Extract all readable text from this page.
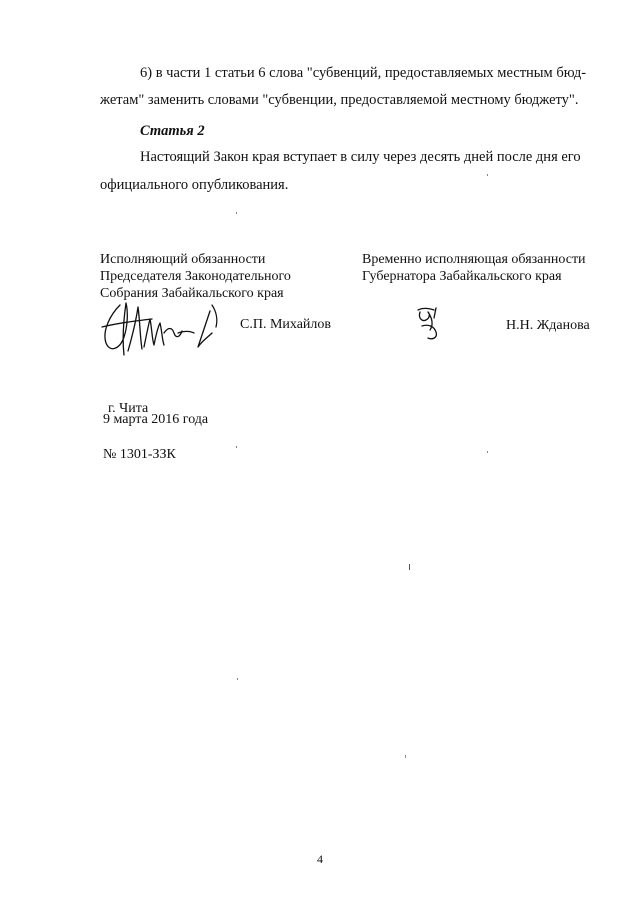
6) в части 1 статьи 6 слова "субвенций, предоставляемых местным бюд-
жетам" заменить словами "субвенции, предоставляемой местному бюджету".
Статья 2
Настоящий Закон края вступает в силу через десять дней после дня его
официального опубликования.
Исполняющий обязанности
Председателя Законодательного
Собрания Забайкальского края
Временно исполняющая обязанности
Губернатора Забайкальского края
С.П. Михайлов	Н.Н. Жданова
г. Чита
9 марта 2016 года
№ 1301-ЗЗК
4
